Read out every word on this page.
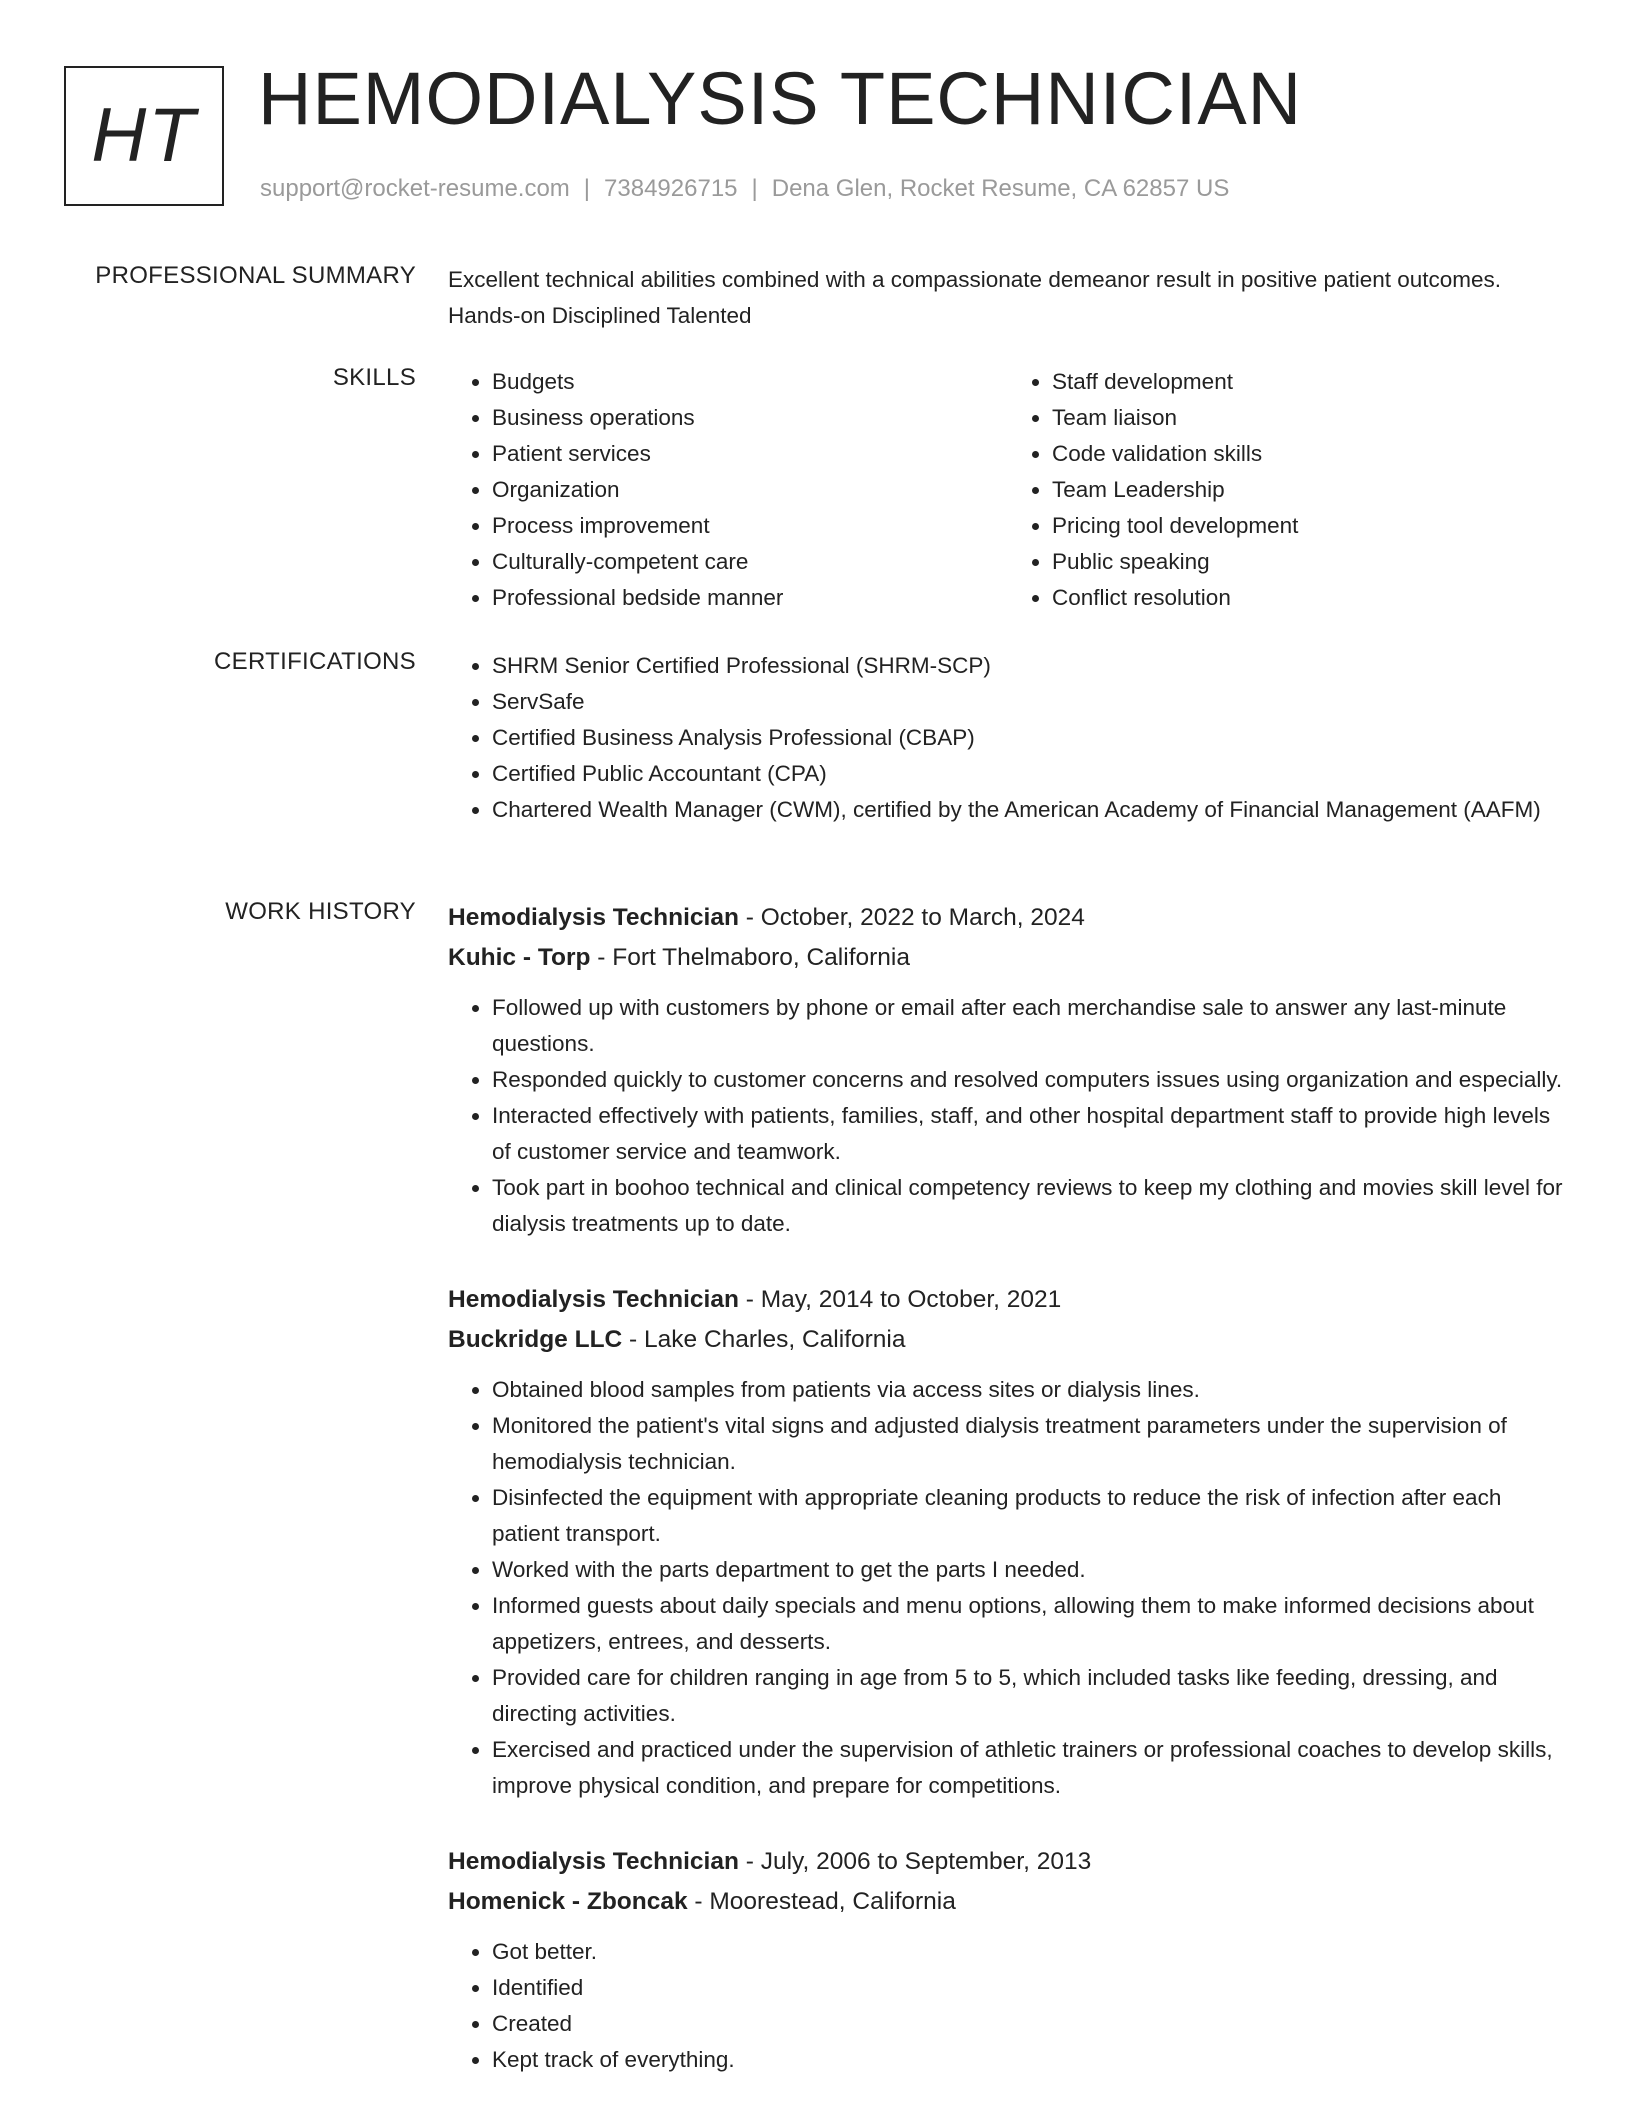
HT HEMODIALYSIS TECHNICIAN
support@rocket-resume.com | 7384926715 | Dena Glen, Rocket Resume, CA 62857 US
PROFESSIONAL SUMMARY Excellent technical abilities combined with a compassionate demeanor result in positive patient outcomes. Hands-on Disciplined Talented

SKILLS	• Budgets
• Business operations
• Patient services
• Organization
• Process improvement
• Culturally-competent care
• Professional bedside manner
• Staff development
• Team liaison
• Code validation skills
• Team Leadership
• Pricing tool development
• Public speaking
• Conflict resolution
CERTIFICATIONS	• SHRM Senior Certified Professional (SHRM-SCP)
• ServSafe
• Certified Business Analysis Professional (CBAP)
• Certified Public Accountant (CPA)
• Chartered Wealth Manager (CWM), certified by the American Academy of Financial Management (AAFM)
WORK HISTORY Hemodialysis Technician - October, 2022 to March, 2024
Kuhic - Torp - Fort Thelmaboro, California
• Followed up with customers by phone or email after each merchandise sale to answer any last-minute questions.
• Responded quickly to customer concerns and resolved computers issues using organization and especially.
• Interacted effectively with patients, families, staff, and other hospital department staff to provide high levels of customer service and teamwork.
• Took part in boohoo technical and clinical competency reviews to keep my clothing and movies skill level for dialysis treatments up to date.
Hemodialysis Technician - May, 2014 to October, 2021
Buckridge LLC - Lake Charles, California
• Obtained blood samples from patients via access sites or dialysis lines.
• Monitored the patient's vital signs and adjusted dialysis treatment parameters under the supervision of hemodialysis technician.
• Disinfected the equipment with appropriate cleaning products to reduce the risk of infection after each patient transport.
• Worked with the parts department to get the parts I needed.
• Informed guests about daily specials and menu options, allowing them to make informed decisions about appetizers, entrees, and desserts.
• Provided care for children ranging in age from 5 to 5, which included tasks like feeding, dressing, and directing activities.
• Exercised and practiced under the supervision of athletic trainers or professional coaches to develop skills, improve physical condition, and prepare for competitions.
Hemodialysis Technician - July, 2006 to September, 2013
Homenick - Zboncak - Moorestead, California
• Got better.
• Identified
• Created
• Kept track of everything.
